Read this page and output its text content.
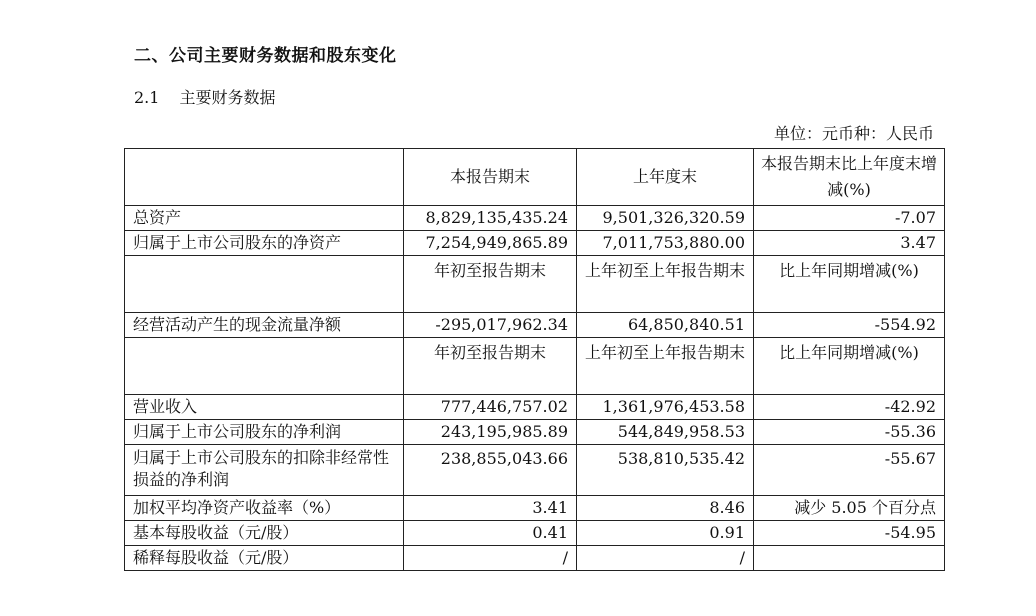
二、公司主要财务数据和股东变化
2.1 主要财务数据
单位：元币种：人民币
	本报告期末	上年度末	本报告期末比上年度末增减(%)
总资产	8,829,135,435.24	9,501,326,320.59	-7.07
归属于上市公司股东的净资产	7,254,949,865.89	7,011,753,880.00	3.47
	年初至报告期末	上年初至上年报告期末	比上年同期增减(%)
经营活动产生的现金流量净额	-295,017,962.34	64,850,840.51	-554.92
	年初至报告期末	上年初至上年报告期末	比上年同期增减(%)
营业收入	777,446,757.02	1,361,976,453.58	-42.92
归属于上市公司股东的净利润	243,195,985.89	544,849,958.53	-55.36
归属于上市公司股东的扣除非经常性损益的净利润	238,855,043.66	538,810,535.42	-55.67
加权平均净资产收益率（%）	3.41	8.46	减少 5.05 个百分点
基本每股收益（元/股）	0.41	0.91	-54.95
稀释每股收益（元/股）	/	/	
